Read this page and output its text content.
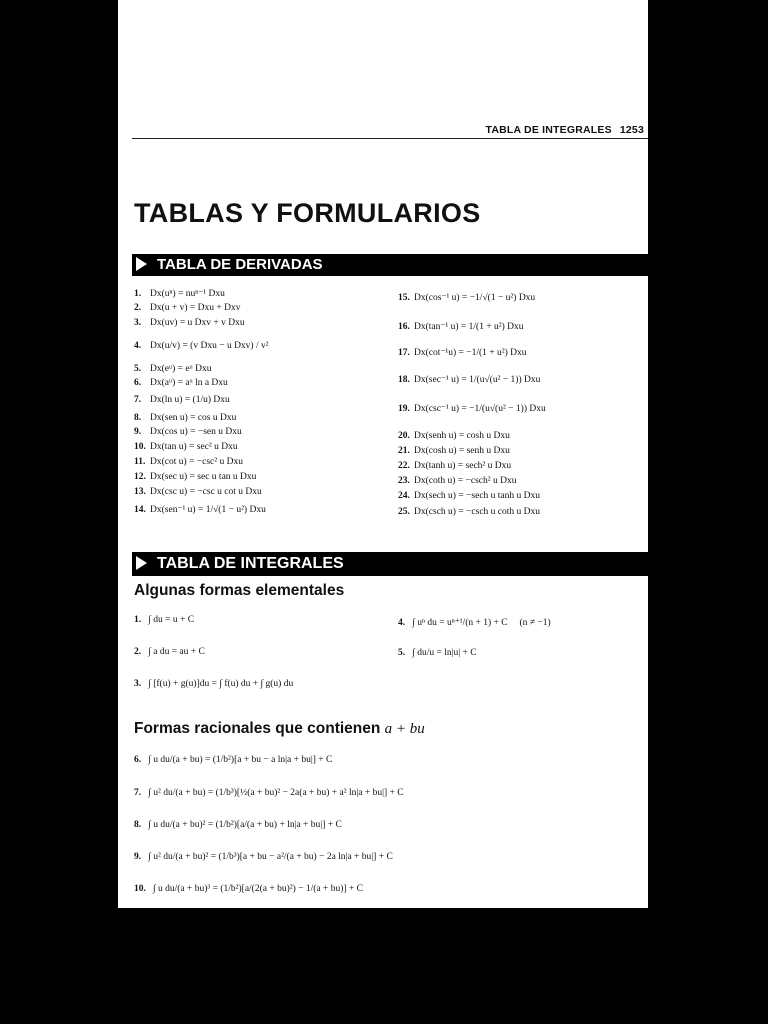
TABLA DE INTEGRALES 1253
TABLAS Y FORMULARIOS
TABLA DE DERIVADAS
1. Dx(uⁿ) = nuⁿ⁻¹ Dxu
2. Dx(u + v) = Dxu + Dxv
3. Dx(uv) = u Dxv + v Dxu
4. Dx(u/v) = (v Dxu − u Dxv) / v²
5. Dx(eᵘ) = eᵘ Dxu
6. Dx(aᵘ) = aᵘ ln a Dxu
7. Dx(ln u) = (1/u) Dxu
8. Dx(sen u) = cos u Dxu
9. Dx(cos u) = −sen u Dxu
10. Dx(tan u) = sec² u Dxu
11. Dx(cot u) = −csc² u Dxu
12. Dx(sec u) = sec u tan u Dxu
13. Dx(csc u) = −csc u cot u Dxu
14. Dx(sen⁻¹ u) = 1/√(1 − u²) Dxu
15. Dx(cos⁻¹ u) = −1/√(1 − u²) Dxu
16. Dx(tan⁻¹ u) = 1/(1 + u²) Dxu
17. Dx(cot⁻¹u) = −1/(1 + u²) Dxu
18. Dx(sec⁻¹ u) = 1/(u√(u² − 1)) Dxu
19. Dx(csc⁻¹ u) = −1/(u√(u² − 1)) Dxu
20. Dx(senh u) = cosh u Dxu
21. Dx(cosh u) = senh u Dxu
22. Dx(tanh u) = sech² u Dxu
23. Dx(coth u) = −csch² u Dxu
24. Dx(sech u) = −sech u tanh u Dxu
25. Dx(csch u) = −csch u coth u Dxu
TABLA DE INTEGRALES
Algunas formas elementales
1. ∫ du = u + C
2. ∫ a du = au + C
3. ∫ [f(u) + g(u)]du = ∫ f(u) du + ∫ g(u) du
4. ∫ uⁿ du = uⁿ⁺¹/(n + 1) + C (n ≠ −1)
5. ∫ du/u = ln|u| + C
Formas racionales que contienen a + bu
6. ∫ u du/(a + bu) = (1/b²)[a + bu − a ln|a + bu|] + C
7. ∫ u² du/(a + bu) = (1/b³)[½(a + bu)² − 2a(a + bu) + a² ln|a + bu|] + C
8. ∫ u du/(a + bu)² = (1/b²)[a/(a + bu) + ln|a + bu|] + C
9. ∫ u² du/(a + bu)² = (1/b³)[a + bu − a²/(a + bu) − 2a ln|a + bu|] + C
10. ∫ u du/(a + bu)³ = (1/b²)[a/(2(a + bu)²) − 1/(a + bu)] + C
